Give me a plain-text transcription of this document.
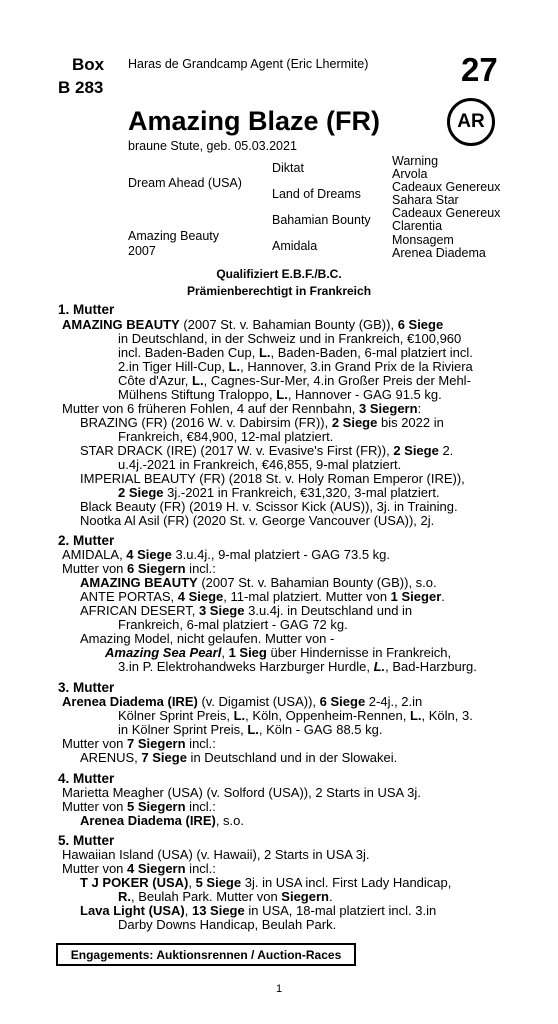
Box
B 283
Haras de Grandcamp Agent (Eric Lhermite)	27
Amazing Blaze (FR)	AR
braune Stute, geb. 05.03.2021
Dream Ahead (USA)
Amazing Beauty
2007
Diktat
Land of Dreams
Bahamian Bounty
Amidala
Warning
Arvola
Cadeaux Genereux
Sahara Star
Cadeaux Genereux
Clarentia
Monsagem
Arenea Diadema
Qualifiziert E.B.F./B.C.
Prämienberechtigt in Frankreich
1. Mutter
AMAZING BEAUTY (2007 St. v. Bahamian Bounty (GB)), 6 Siege
in Deutschland, in der Schweiz und in Frankreich, €100,960
incl. Baden-Baden Cup, L., Baden-Baden, 6-mal platziert incl.
2.in Tiger Hill-Cup, L., Hannover, 3.in Grand Prix de la Riviera
Côte d'Azur, L., Cagnes-Sur-Mer, 4.in Großer Preis der Mehl-
Mülhens Stiftung Traloppo, L., Hannover - GAG 91.5 kg.
Mutter von 6 früheren Fohlen, 4 auf der Rennbahn, 3 Siegern:
BRAZING (FR) (2016 W. v. Dabirsim (FR)), 2 Siege bis 2022 in
Frankreich, €84,900, 12-mal platziert.
STAR DRACK (IRE) (2017 W. v. Evasive's First (FR)), 2 Siege 2.
u.4j.-2021 in Frankreich, €46,855, 9-mal platziert.
IMPERIAL BEAUTY (FR) (2018 St. v. Holy Roman Emperor (IRE)),
2 Siege 3j.-2021 in Frankreich, €31,320, 3-mal platziert.
Black Beauty (FR) (2019 H. v. Scissor Kick (AUS)), 3j. in Training.
Nootka Al Asil (FR) (2020 St. v. George Vancouver (USA)), 2j.
2. Mutter
AMIDALA, 4 Siege 3.u.4j., 9-mal platziert - GAG 73.5 kg.
Mutter von 6 Siegern incl.:
AMAZING BEAUTY (2007 St. v. Bahamian Bounty (GB)), s.o.
ANTE PORTAS, 4 Siege, 11-mal platziert. Mutter von 1 Sieger.
AFRICAN DESERT, 3 Siege 3.u.4j. in Deutschland und in
Frankreich, 6-mal platziert - GAG 72 kg.
Amazing Model, nicht gelaufen. Mutter von -
Amazing Sea Pearl, 1 Sieg über Hindernisse in Frankreich,
3.in P. Elektrohandweks Harzburger Hurdle, L., Bad-Harzburg.
3. Mutter
Arenea Diadema (IRE) (v. Digamist (USA)), 6 Siege 2-4j., 2.in
Kölner Sprint Preis, L., Köln, Oppenheim-Rennen, L., Köln, 3.
in Kölner Sprint Preis, L., Köln - GAG 88.5 kg.
Mutter von 7 Siegern incl.:
ARENUS, 7 Siege in Deutschland und in der Slowakei.
4. Mutter
Marietta Meagher (USA) (v. Solford (USA)), 2 Starts in USA 3j.
Mutter von 5 Siegern incl.:
Arenea Diadema (IRE), s.o.
5. Mutter
Hawaiian Island (USA) (v. Hawaii), 2 Starts in USA 3j.
Mutter von 4 Siegern incl.:
T J POKER (USA), 5 Siege 3j. in USA incl. First Lady Handicap,
R., Beulah Park. Mutter von Siegern.
Lava Light (USA), 13 Siege in USA, 18-mal platziert incl. 3.in
Darby Downs Handicap, Beulah Park.
Engagements: Auktionsrennen / Auction-Races
1
